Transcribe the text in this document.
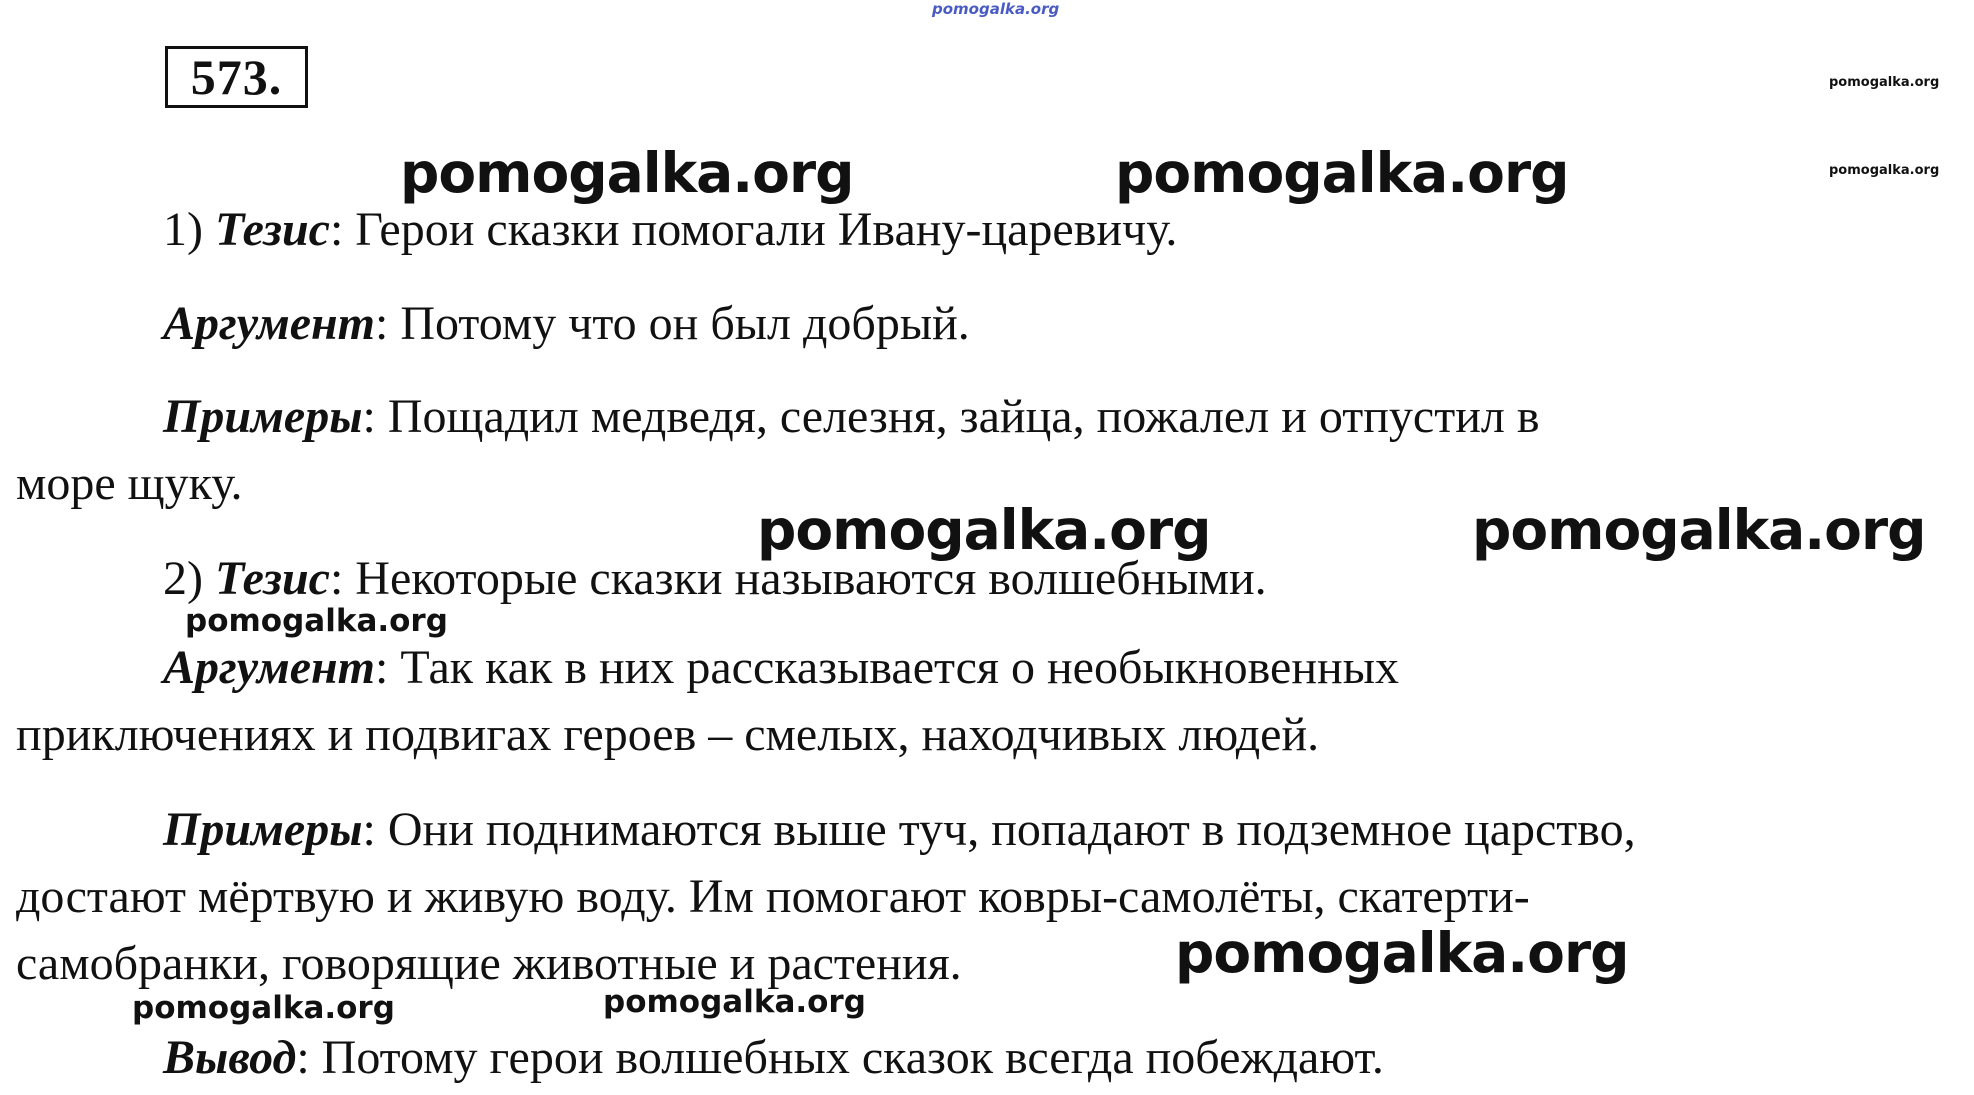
pomogalka.org
573.	pomogalka.org
pomogalka.org

1) Тезис: Герои сказки помогали Ивану-царевичу.

Аргумент: Потому что он был добрый.

Примеры: Пощадил медведя, селезня, зайца, пожалел и отпустил в
море щуку.

2) Тезис: Некоторые сказки называются волшебными.

Аргумент: Так как в них рассказывается о необыкновенных
приключениях и подвигах героев – смелых, находчивых людей.

Примеры: Они поднимаются выше туч, попадают в подземное царство,
достают мёртвую и живую воду. Им помогают ковры-самолёты, скатерти-
самобранки, говорящие животные и растения.

Вывод: Потому герои волшебных сказок всегда побеждают.

pomogalka.org	pomogalka.org
pomogalka.org	pomogalka.org
pomogalka.org
pomogalka.org
pomogalka.org	pomogalka.org
